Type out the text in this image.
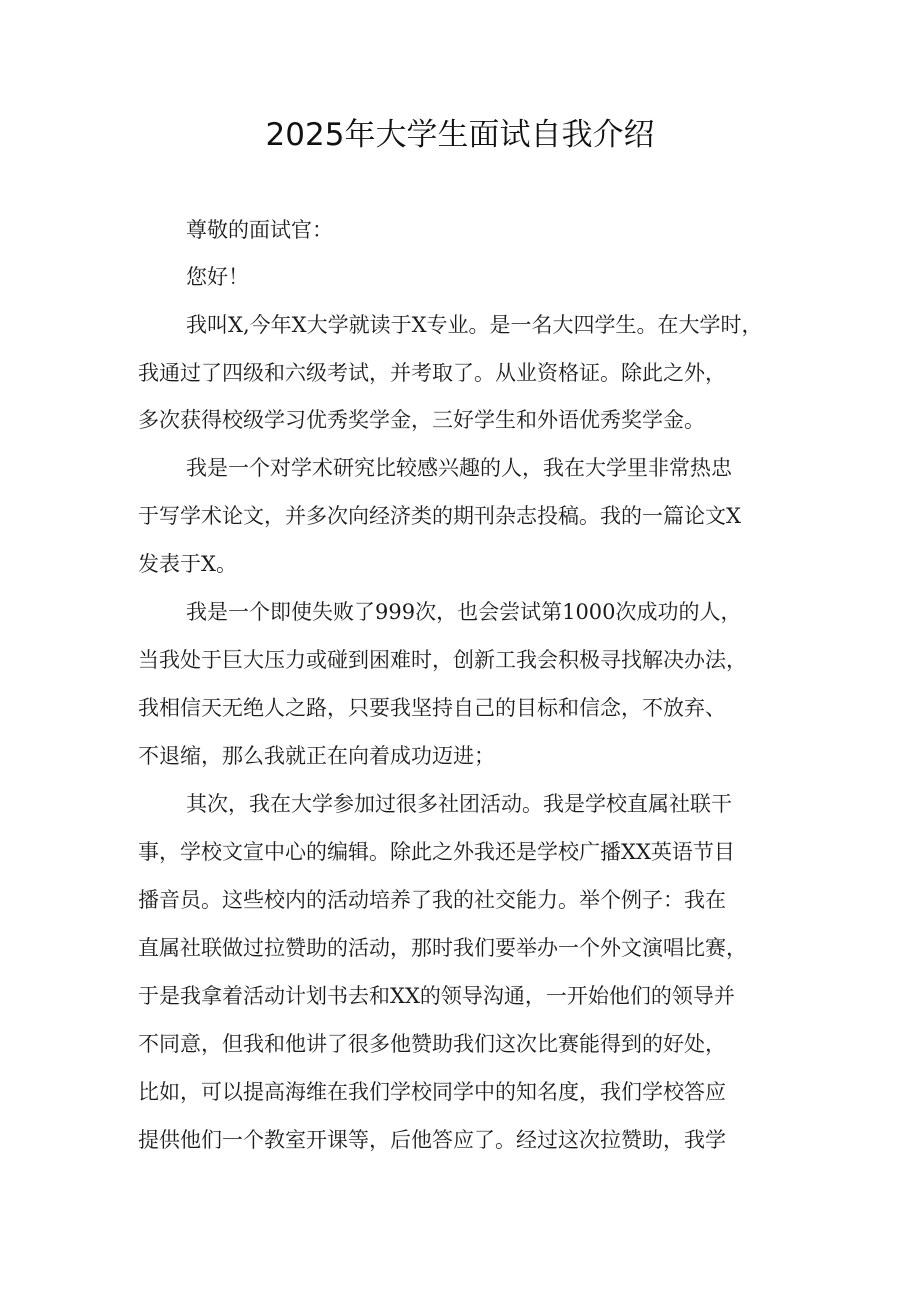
2025年大学生面试自我介绍
尊敬的面试官：
您好！
我叫X,今年X大学就读于X专业。是一名大四学生。在大学时，
我通过了四级和六级考试，并考取了。从业资格证。除此之外，
多次获得校级学习优秀奖学金，三好学生和外语优秀奖学金。
我是一个对学术研究比较感兴趣的人，我在大学里非常热忠
于写学术论文，并多次向经济类的期刊杂志投稿。我的一篇论文X
发表于X。
我是一个即使失败了999次，也会尝试第1000次成功的人，
当我处于巨大压力或碰到困难时，创新工我会积极寻找解决办法，
我相信天无绝人之路，只要我坚持自己的目标和信念，不放弃、
不退缩，那么我就正在向着成功迈进；
其次，我在大学参加过很多社团活动。我是学校直属社联干
事，学校文宣中心的编辑。除此之外我还是学校广播XX英语节目
播音员。这些校内的活动培养了我的社交能力。举个例子：我在
直属社联做过拉赞助的活动，那时我们要举办一个外文演唱比赛，
于是我拿着活动计划书去和XX的领导沟通，一开始他们的领导并
不同意，但我和他讲了很多他赞助我们这次比赛能得到的好处，
比如，可以提高海维在我们学校同学中的知名度，我们学校答应
提供他们一个教室开课等，后他答应了。经过这次拉赞助，我学
